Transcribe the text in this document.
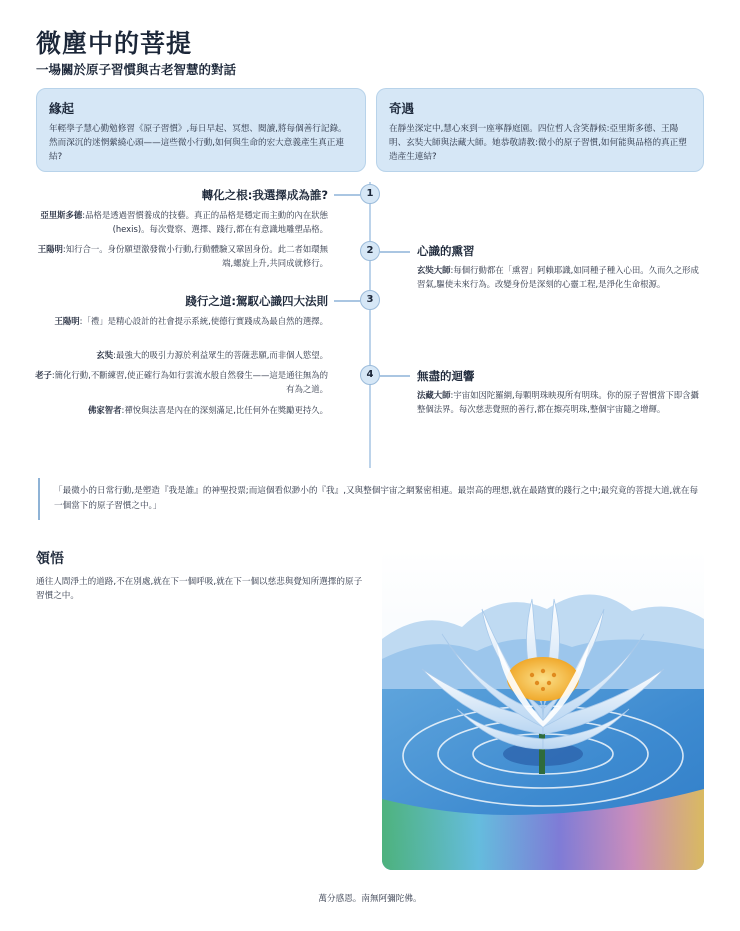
微塵中的菩提
一場關於原子習慣與古老智慧的對話
緣起

年輕學子慧心勤勉修習《原子習慣》,每日早起、冥想、閱讀,將每個善行記錄。然而深沉的迷惘縈繞心頭——這些微小行動,如何與生命的宏大意義產生真正連結?

奇遇

在靜坐深定中,慧心來到一座寧靜庭園。四位哲人含笑靜候:亞里斯多德、王陽明、玄奘大師與法藏大師。她恭敬請教:微小的原子習慣,如何能與品格的真正塑造產生連結?

1
2
3
4
轉化之根:我選擇成為誰?
亞里斯多德:品格是透過習慣養成的技藝。真正的品格是穩定而主動的內在狀態(hexis)。每次覺察、選擇、踐行,都在有意識地雕塑品格。
王陽明:知行合一。身份願望激發微小行動,行動體驗又鞏固身份。此二者如環無端,螺旋上升,共同成就修行。
心識的熏習
玄奘大師:每個行動都在「熏習」阿賴耶識,如同種子種入心田。久而久之形成習氣,驅使未來行為。改變身份是深刻的心靈工程,是淨化生命根源。
踐行之道:駕馭心識四大法則
王陽明:「禮」是精心設計的社會提示系統,使德行實踐成為最自然的選擇。
玄奘:最強大的吸引力源於利益眾生的菩薩悲願,而非個人慾望。
老子:簡化行動,不斷練習,使正確行為如行雲流水般自然發生——這是通往無為的有為之道。
佛家智者:禪悅與法喜是內在的深刻滿足,比任何外在獎勵更持久。
無盡的迴響
法藏大師:宇宙如因陀羅網,每顆明珠映現所有明珠。你的原子習慣當下即含攝整個法界。每次慈悲覺照的善行,都在擦亮明珠,整個宇宙隨之增輝。
「最微小的日常行動,是塑造『我是誰』的神聖投票;而這個看似渺小的『我』,又與整個宇宙之網緊密相連。最崇高的理想,就在最踏實的踐行之中;最究竟的菩提大道,就在每一個當下的原子習慣之中。」
領悟
通往人間淨土的道路,不在別處,就在下一個呼吸,就在下一個以慈悲與覺知所選擇的原子習慣之中。
萬分感恩。南無阿彌陀佛。
